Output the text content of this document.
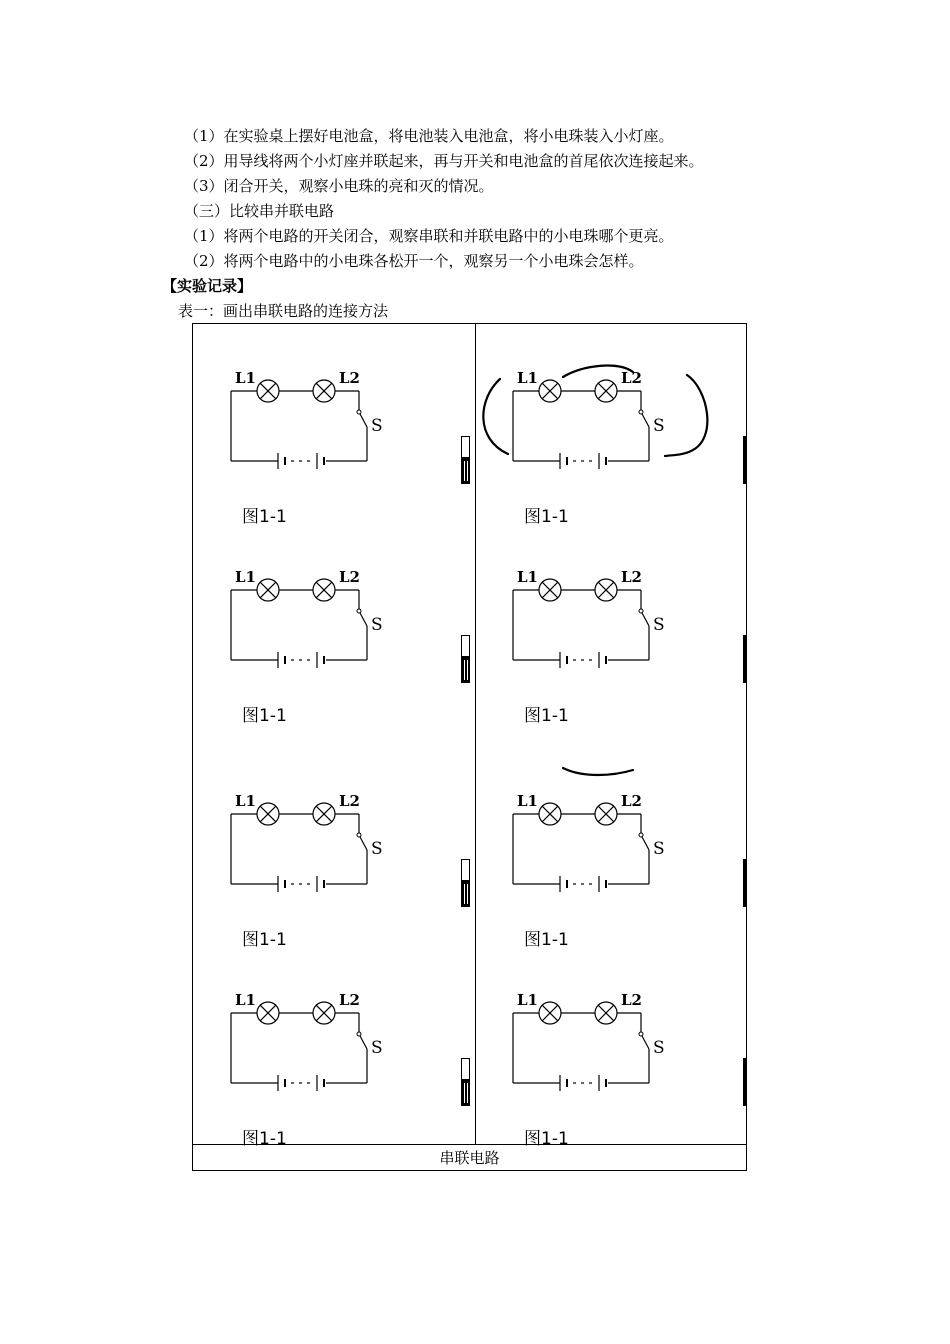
（1）在实验桌上摆好电池盒，将电池装入电池盒，将小电珠装入小灯座。
（2）用导线将两个小灯座并联起来，再与开关和电池盒的首尾依次连接起来。
（3）闭合开关，观察小电珠的亮和灭的情况。
（三）比较串并联电路
（1）将两个电路的开关闭合，观察串联和并联电路中的小电珠哪个更亮。
（2）将两个电路中的小电珠各松开一个，观察另一个小电珠会怎样。
【实验记录】
表一：画出串联电路的连接方法
串联电路
L1	L2
S
图1-1
L1	L2
S
图1-1
L1	L2
S
图1-1
L1	L2
S
图1-1
L1	L2
S
图1-1
L1	L2
S
图1-1
L1	L2
S
图1-1
L1	L2
S
图1-1
